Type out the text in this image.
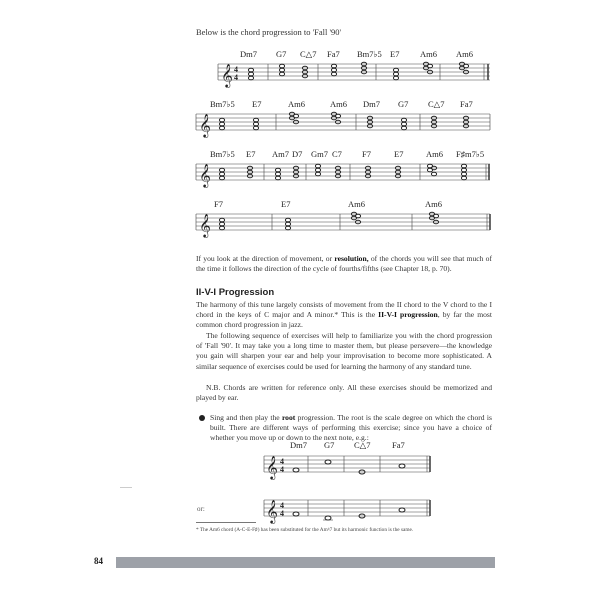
Below is the chord progression to 'Fall '90'
Dm7 G7 C△7 Fa7 Bm7♭5 E7 Am6 Am6
𝄞 4
4
Bm7♭5 E7	Am6	Am6 Dm7 G7 C△7 Fa7
𝄞
Bm7♭5 E7 Am7 D7 Gm7 C7 F7	E7	Am6 F♯m7♭5
𝄞
F7	E7	Am6	Am6
𝄞
If you look at the direction of movement, or resolution, of the chords you will see that much of the time it follows the direction of the cycle of fourths/fifths (see Chapter 18, p. 70).
II-V-I Progression
The harmony of this tune largely consists of movement from the II chord to the V chord to the I chord in the keys of C major and A minor.* This is the II-V-I progression, by far the most common chord progression in jazz.
The following sequence of exercises will help to familiarize you with the chord progression of 'Fall '90'. It may take you a long time to master them, but please persevere—the knowledge you gain will sharpen your ear and help your improvisation to become more sophisticated. A similar sequence of exercises could be used for learning the harmony of any standard tune.
N.B. Chords are written for reference only. All these exercises should be memorized and played by ear.
Sing and then play the root progression. The root is the scale degree on which the chord is built. There are different ways of performing this exercise; since you have a choice of whether you move up or down to the next note, e.g.:
Dm7 G7 C△7	Fa7
𝄞 4
4
or:	𝄞 4
4
* The Am6 chord (A-C-E-F♯) has been substituted for the Am♮7 but its harmonic function is the same.
84
